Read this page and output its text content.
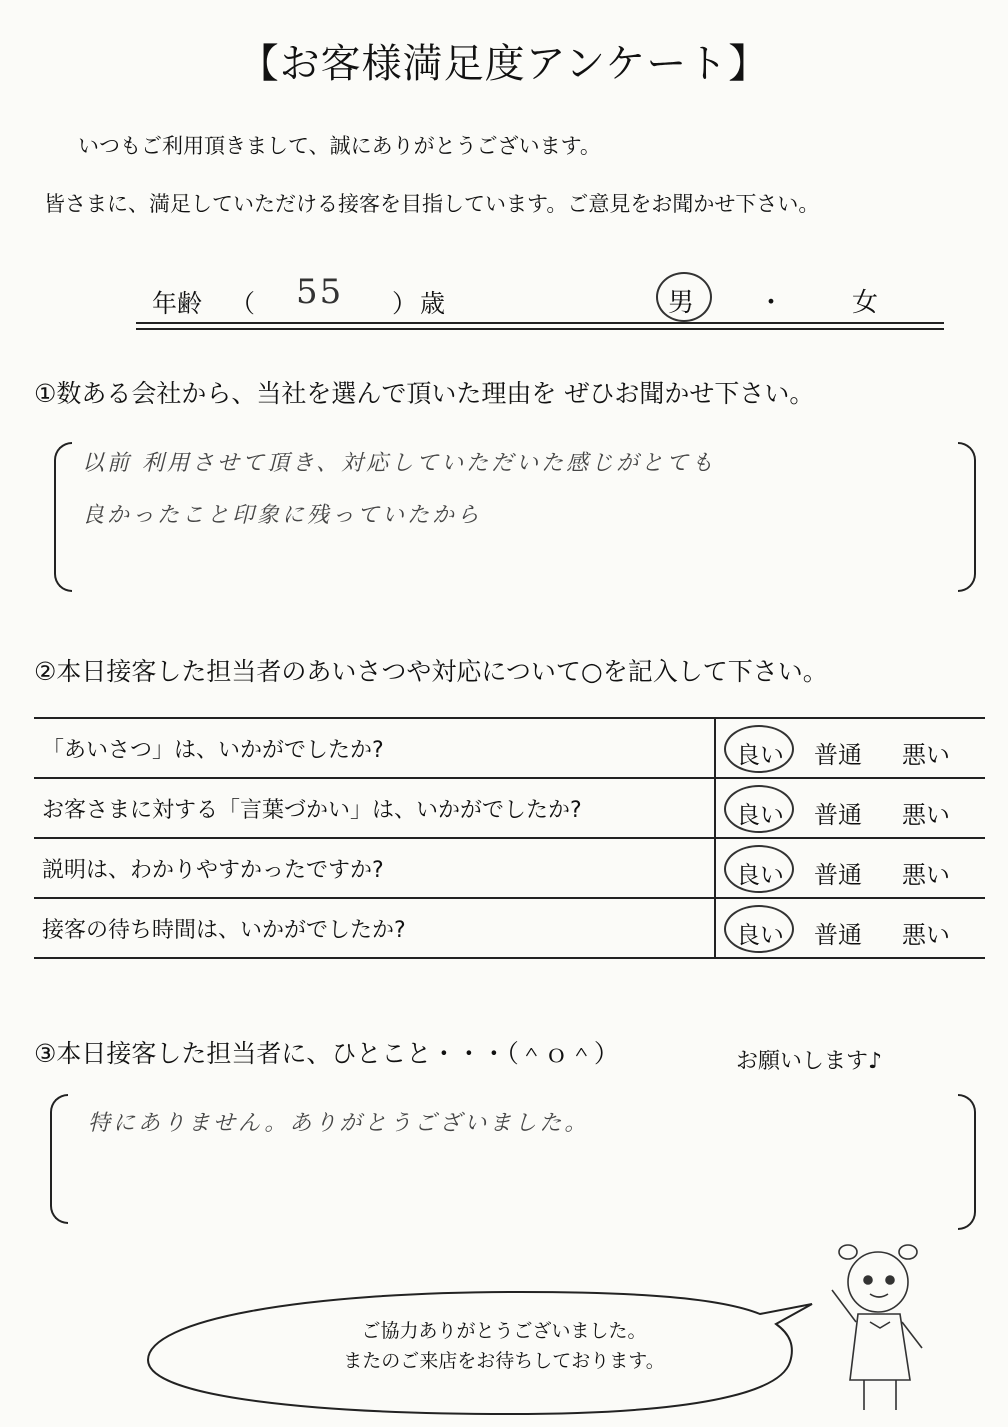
【お客様満足度アンケート】
いつもご利用頂きまして、誠にありがとうございます。
皆さまに、満足していただける接客を目指しています。ご意見をお聞かせ下さい。
年齢 （ 55 ） 歳	男 ・	女
①数ある会社から、当社を選んで頂いた理由を ぜひお聞かせ下さい。
以前 利用させて頂き、対応していただいた感じがとても
良かったこと印象に残っていたから
②本日接客した担当者のあいさつや対応について○を記入して下さい。
「あいさつ」は、いかがでしたか?	良い 普通 悪い

お客さまに対する「言葉づかい」は、いかがでしたか?	良い 普通 悪い

説明は、わかりやすかったですか?	良い 普通 悪い

接客の待ち時間は、いかがでしたか?	良い 普通 悪い
③本日接客した担当者に、ひとこと・・・（＾ｏ＾）	お願いします♪
特にありません。ありがとうございました。
ご協力ありがとうございました。
またのご来店をお待ちしております。
